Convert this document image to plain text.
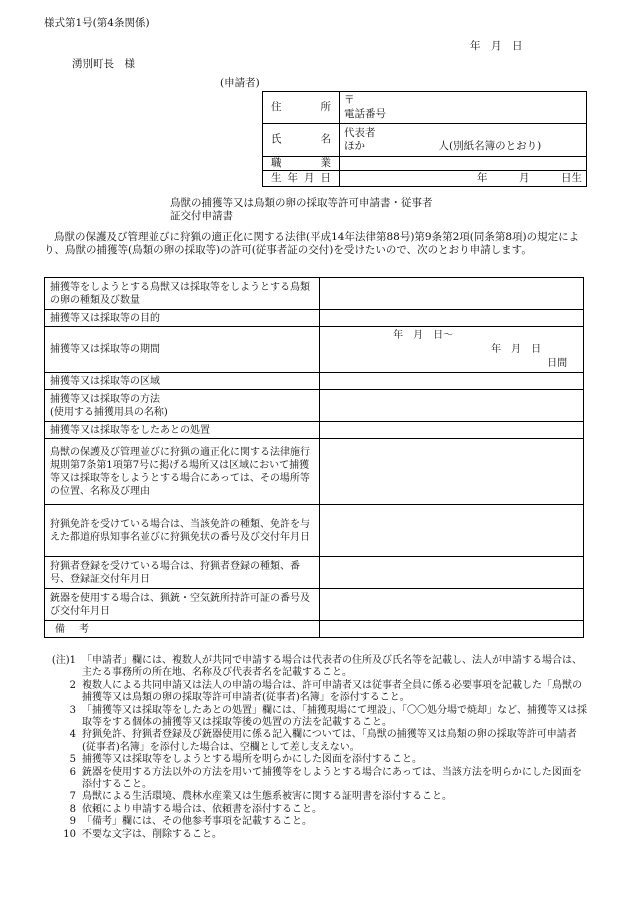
様式第1号(第4条関係)
年　月　日
湧別町長　様
(申請者)
住　所	〒
電話番号

氏　名	代表者
ほか　　　　　　　人(別紙名簿のとおり)

職　業	
生年月日	年　　　月　　　日生
鳥獣の捕獲等又は鳥類の卵の採取等許可申請書・従事者
証交付申請書
鳥獣の保護及び管理並びに狩猟の適正化に関する法律(平成14年法律第88号)第9条第2項(同条第8項)の規定により、鳥獣の捕獲等(鳥類の卵の採取等)の許可(従事者証の交付)を受けたいので、次のとおり申請します。
捕獲等をしようとする鳥獣又は採取等をしようとする鳥類の卵の種類及び数量	
捕獲等又は採取等の目的	
捕獲等又は採取等の期間	年　月　日～
年　月　日
日間

捕獲等又は採取等の区域	
捕獲等又は採取等の方法
(使用する捕獲用具の名称)	
捕獲等又は採取等をしたあとの処置	
鳥獣の保護及び管理並びに狩猟の適正化に関する法律施行規則第7条第1項第7号に掲げる場所又は区域において捕獲等又は採取等をしようとする場合にあっては、その場所等の位置、名称及び理由	
狩猟免許を受けている場合は、当該免許の種類、免許を与えた都道府県知事名並びに狩猟免状の番号及び交付年月日	
狩猟者登録を受けている場合は、狩猟者登録の種類、番号、登録証交付年月日	
銃器を使用する場合は、猟銃・空気銃所持許可証の番号及び交付年月日	
備　考	
(注)1 「申請者」欄には、複数人が共同で申請する場合は代表者の住所及び氏名等を記載し、法人が申請する場合は、主たる事務所の所在地、名称及び代表者名を記載すること。
2 複数人による共同申請又は法人の申請の場合は、許可申請者又は従事者全員に係る必要事項を記載した「鳥獣の捕獲等又は鳥類の卵の採取等許可申請者(従事者)名簿」を添付すること。
3 「捕獲等又は採取等をしたあとの処置」欄には、「捕獲現場にて埋設」、「〇〇処分場で焼却」など、捕獲等又は採取等をする個体の捕獲等又は採取等後の処置の方法を記載すること。
4 狩猟免許、狩猟者登録及び銃器使用に係る記入欄については、「鳥獣の捕獲等又は鳥類の卵の採取等許可申請者(従事者)名簿」を添付した場合は、空欄として差し支えない。
5 捕獲等又は採取等をしようとする場所を明らかにした図面を添付すること。
6 銃器を使用する方法以外の方法を用いて捕獲等をしようとする場合にあっては、当該方法を明らかにした図面を添付すること。
7 鳥獣による生活環境、農林水産業又は生態系被害に関する証明書を添付すること。
8 依頼により申請する場合は、依頼書を添付すること。
9 「備考」欄には、その他参考事項を記載すること。
10 不要な文字は、削除すること。
